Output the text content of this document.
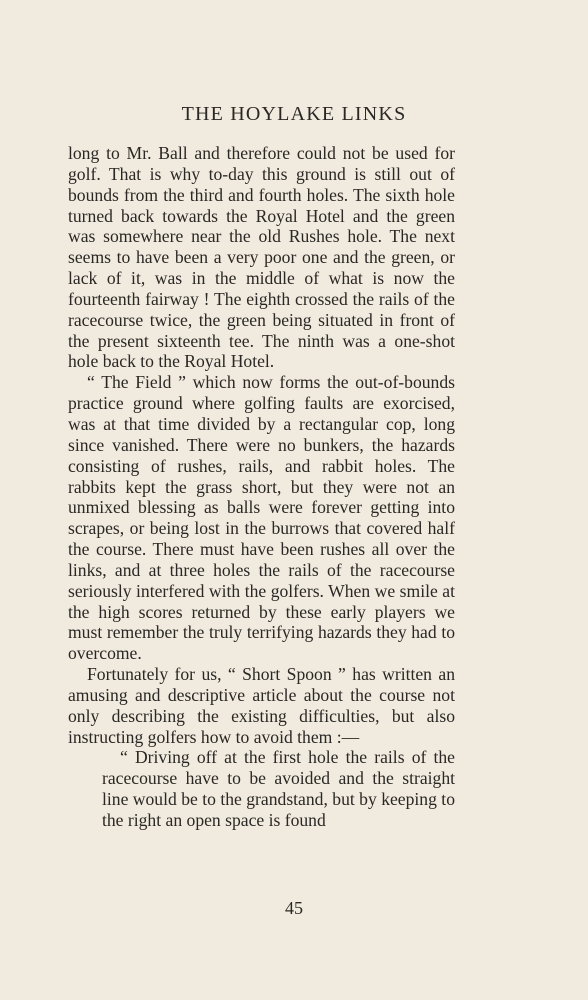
THE HOYLAKE LINKS

long to Mr. Ball and therefore could not be used for golf. That is why to-day this ground is still out of bounds from the third and fourth holes. The sixth hole turned back towards the Royal Hotel and the green was somewhere near the old Rushes hole. The next seems to have been a very poor one and the green, or lack of it, was in the middle of what is now the fourteenth fairway ! The eighth crossed the rails of the racecourse twice, the green being situated in front of the present sixteenth tee. The ninth was a one-shot hole back to the Royal Hotel.

“ The Field ” which now forms the out-of-bounds practice ground where golfing faults are exorcised, was at that time divided by a rectangular cop, long since vanished. There were no bunkers, the hazards consisting of rushes, rails, and rabbit holes. The rabbits kept the grass short, but they were not an unmixed blessing as balls were forever getting into scrapes, or being lost in the burrows that covered half the course. There must have been rushes all over the links, and at three holes the rails of the racecourse seriously interfered with the golfers. When we smile at the high scores returned by these early players we must remember the truly terrifying hazards they had to overcome.

Fortunately for us, “ Short Spoon ” has written an amusing and descriptive article about the course not only describing the existing difficulties, but also instructing golfers how to avoid them :—

“ Driving off at the first hole the rails of the racecourse have to be avoided and the straight line would be to the grandstand, but by keeping to the right an open space is found

45
